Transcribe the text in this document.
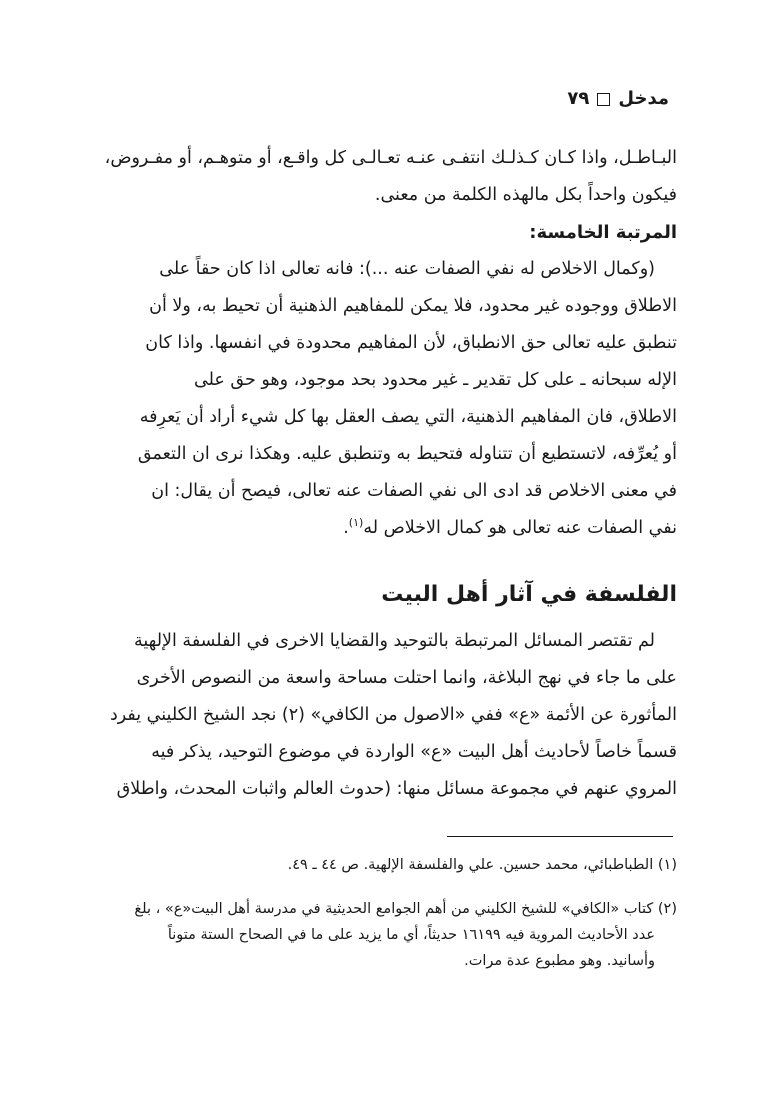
مدخل
٧٩
البـاطـل، واذا كـان كـذلـك انتفـى عنـه تعـالـى كل واقـع، أو متوهـم، أو مفـروض،
فيكون واحداً بكل مالهذه الكلمة من معنى.
المرتبة الخامسة:
(وكمال الاخلاص له نفي الصفات عنه ...): فانه تعالى اذا كان حقاً على
الاطلاق ووجوده غير محدود، فلا يمكن للمفاهيم الذهنية أن تحيط به، ولا أن
تنطبق عليه تعالى حق الانطباق، لأن المفاهيم محدودة في انفسها. واذا كان
الإله سبحانه ـ على كل تقدير ـ غير محدود بحد موجود، وهو حق على
الاطلاق، فان المفاهيم الذهنية، التي يصف العقل بها كل شيء أراد أن يَعرِفه
أو يُعرِّفه، لاتستطيع أن تتناوله فتحيط به وتنطبق عليه. وهكذا نرى ان التعمق
في معنى الاخلاص قد ادى الى نفي الصفات عنه تعالى، فيصح أن يقال: ان
نفي الصفات عنه تعالى هو كمال الاخلاص له$^{(١)}$.
الفلسفة في آثار أهل البيت
لم تقتصر المسائل المرتبطة بالتوحيد والقضايا الاخرى في الفلسفة الإلهية
على ما جاء في نهج البلاغة، وانما احتلت مساحة واسعة من النصوص الأخرى
المأثورة عن الأئمة «ع» ففي «الاصول من الكافي» (٢) نجد الشيخ الكليني يفرد
قسماً خاصاً لأحاديث أهل البيت «ع» الواردة في موضوع التوحيد، يذكر فيه
المروي عنهم في مجموعة مسائل منها: (حدوث العالم واثبات المحدث، واطلاق
(١) الطباطبائي، محمد حسين. علي والفلسفة الإلهية. ص ٤٤ ـ ٤٩.
(٢) كتاب «الكافي» للشيخ الكليني من أهم الجوامع الحديثية في مدرسة أهل البيت«ع» ، بلغ
عدد الأحاديث المروية فيه ١٦١٩٩ حديثاً، أي ما يزيد على ما في الصحاح الستة متوناً
وأسانيد. وهو مطبوع عدة مرات.
